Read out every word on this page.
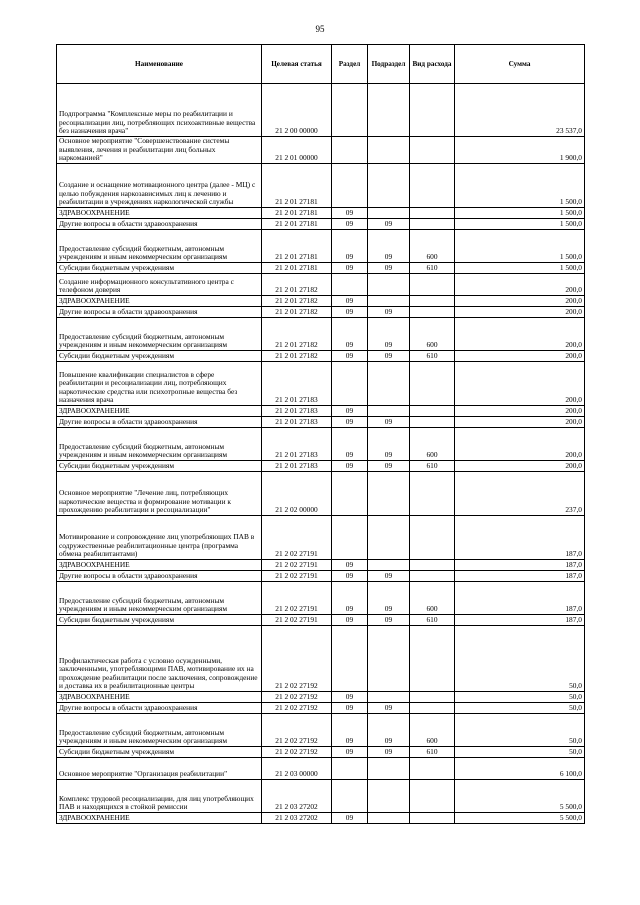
95
Наименование	Целевая статья	Раздел	Подраздел	Вид расхода	Сумма
Подпрограмма "Комплексные меры по реабилитации и ресоциализации лиц, потребляющих психоактивные вещества без назначения врача"	21 2 00 00000				23 537,0
Основное мероприятие "Совершенствование системы выявления, лечения и реабилитации лиц больных наркоманией"	21 2 01 00000				1 900,0
Создание и оснащение мотивационного центра (далее - МЦ) с целью побуждения наркозависимых лиц к лечению и реабилитации в учреждениях наркологической службы	21 2 01 27181				1 500,0
ЗДРАВООХРАНЕНИЕ	21 2 01 27181	09			1 500,0
Другие вопросы в области здравоохранения	21 2 01 27181	09	09		1 500,0
Предоставление субсидий бюджетным, автономным учреждениям и иным некоммерческим организациям	21 2 01 27181	09	09	600	1 500,0
Субсидии бюджетным учреждениям	21 2 01 27181	09	09	610	1 500,0
Создание информационного консультативного центра с телефоном доверия	21 2 01 27182				200,0
ЗДРАВООХРАНЕНИЕ	21 2 01 27182	09			200,0
Другие вопросы в области здравоохранения	21 2 01 27182	09	09		200,0
Предоставление субсидий бюджетным, автономным учреждениям и иным некоммерческим организациям	21 2 01 27182	09	09	600	200,0
Субсидии бюджетным учреждениям	21 2 01 27182	09	09	610	200,0
Повышение квалификации специалистов в сфере реабилитации и ресоциализации лиц, потребляющих наркотические средства или психотропные вещества без назначения врача	21 2 01 27183				200,0
ЗДРАВООХРАНЕНИЕ	21 2 01 27183	09			200,0
Другие вопросы в области здравоохранения	21 2 01 27183	09	09		200,0
Предоставление субсидий бюджетным, автономным учреждениям и иным некоммерческим организациям	21 2 01 27183	09	09	600	200,0
Субсидии бюджетным учреждениям	21 2 01 27183	09	09	610	200,0
Основное мероприятие "Лечение лиц, потребляющих наркотические вещества и формирование мотивации к прохождению реабилитации и ресоциализации"	21 2 02 00000				237,0
Мотивирование и сопровождение лиц употребляющих ПАВ в содружественные реабилитационные центра (программа обмена реабилитантами)	21 2 02 27191				187,0
ЗДРАВООХРАНЕНИЕ	21 2 02 27191	09			187,0
Другие вопросы в области здравоохранения	21 2 02 27191	09	09		187,0
Предоставление субсидий бюджетным, автономным учреждениям и иным некоммерческим организациям	21 2 02 27191	09	09	600	187,0
Субсидии бюджетным учреждениям	21 2 02 27191	09	09	610	187,0
Профилактическая работа с условно осужденными, заключенными, употребляющими ПАВ, мотивирование их на прохождение реабилитации после заключения, сопровождение и доставка их в реабилитационные центры	21 2 02 27192				50,0
ЗДРАВООХРАНЕНИЕ	21 2 02 27192	09			50,0
Другие вопросы в области здравоохранения	21 2 02 27192	09	09		50,0
Предоставление субсидий бюджетным, автономным учреждениям и иным некоммерческим организациям	21 2 02 27192	09	09	600	50,0
Субсидии бюджетным учреждениям	21 2 02 27192	09	09	610	50,0
Основное мероприятие "Организация реабилитации"	21 2 03 00000				6 100,0
Комплекс трудовой ресоциализации, для лиц употребляющих ПАВ и находящихся в стойкой ремиссии	21 2 03 27202				5 500,0
ЗДРАВООХРАНЕНИЕ	21 2 03 27202	09			5 500,0
